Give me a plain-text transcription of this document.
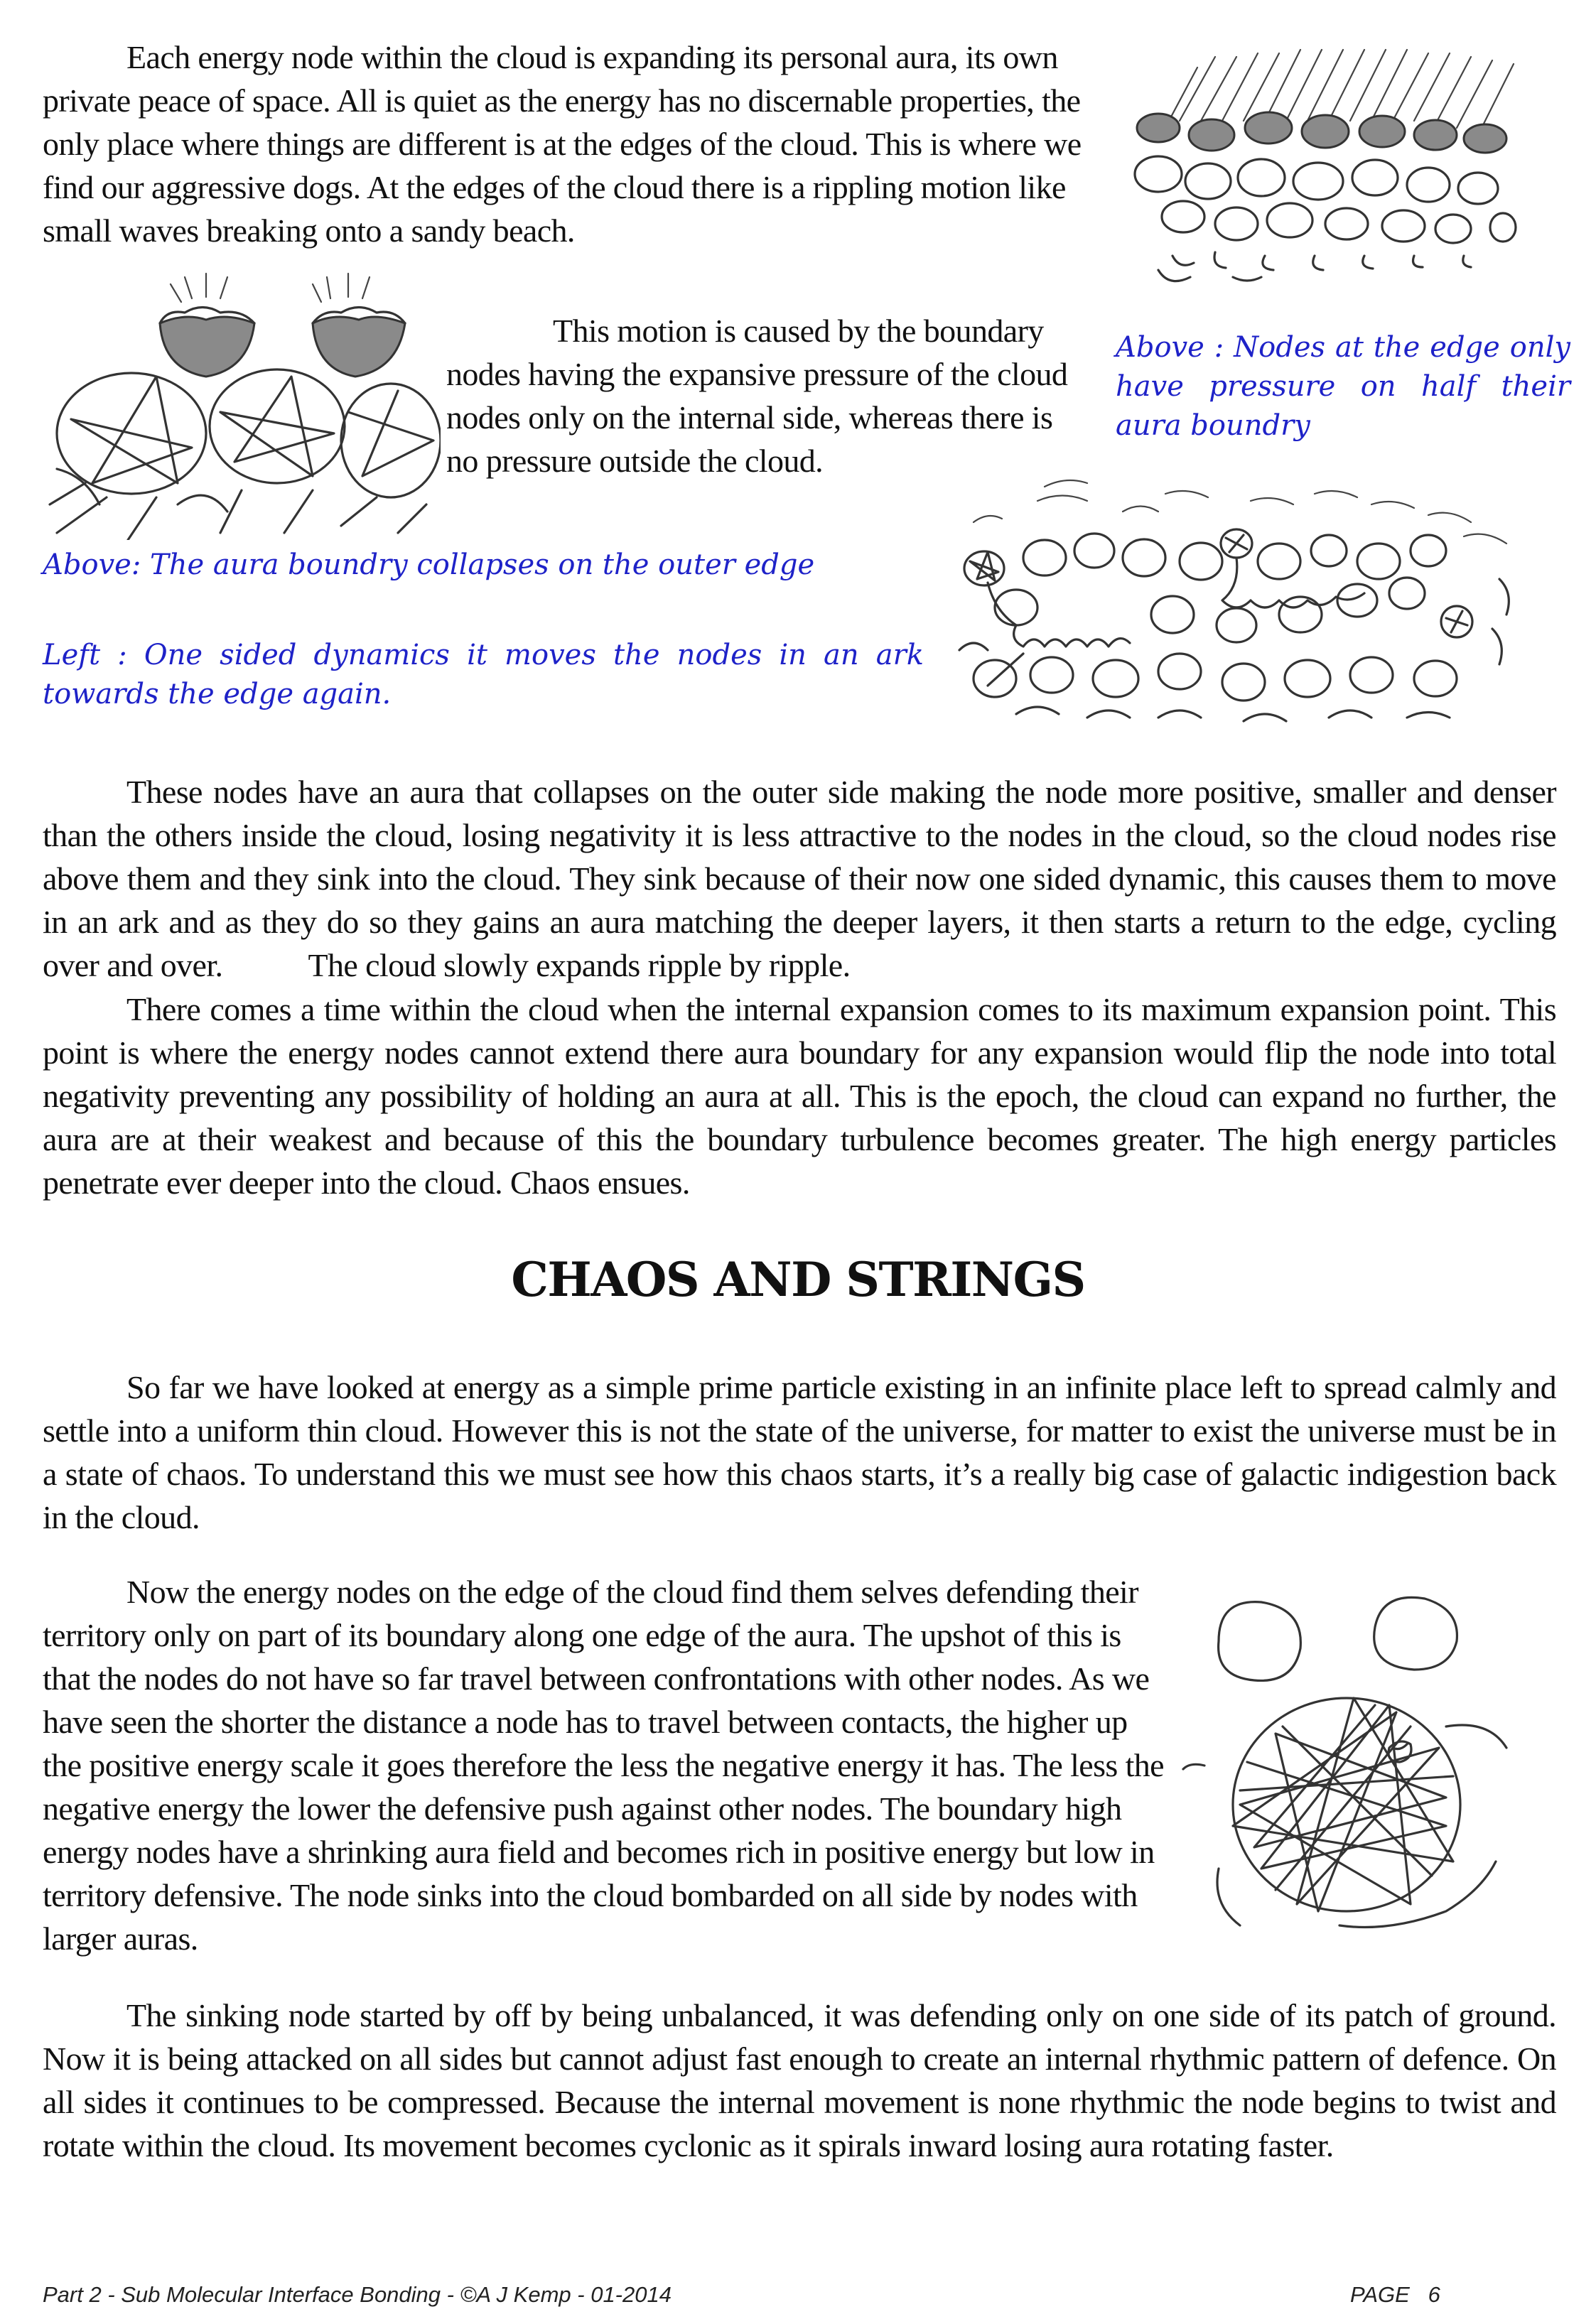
Each energy node within the cloud is expanding its personal aura, its own private peace of space. All is quiet as the energy has no discernable properties, the only place where things are different is at the edges of the cloud. This is where we find our aggressive dogs. At the edges of the cloud there is a rippling motion like small waves breaking onto a sandy beach.
Above : Nodes at the edge only have pressure on half their aura boundry
This motion is caused by the boundary nodes having the expansive pressure of the cloud nodes only on the internal side, whereas there is no pressure outside the cloud.
Above: The aura boundry collapses on the outer edge
Left : One sided dynamics it moves the nodes in an ark towards the edge again.
These nodes have an aura that collapses on the outer side making the node more positive, smaller and denser than the others inside the cloud, losing negativity it is less attractive to the nodes in the cloud, so the cloud nodes rise above them and they sink into the cloud. They sink because of their now one sided dynamic, this causes them to move in an ark and as they do so they gains an aura matching the deeper layers, it then starts a return to the edge, cycling over and over.	The cloud slowly expands ripple by ripple.
There comes a time within the cloud when the internal expansion comes to its maximum expansion point. This point is where the energy nodes cannot extend there aura boundary for any expansion would flip the node into total negativity preventing any possibility of holding an aura at all. This is the epoch, the cloud can expand no further, the aura are at their weakest and because of this the boundary turbulence becomes greater. The high energy particles penetrate ever deeper into the cloud. Chaos ensues.
CHAOS AND STRINGS
So far we have looked at energy as a simple prime particle existing in an infinite place left to spread calmly and settle into a uniform thin cloud. However this is not the state of the universe, for matter to exist the universe must be in a state of chaos. To understand this we must see how this chaos starts, it’s a really big case of galactic indigestion back in the cloud.
Now the energy nodes on the edge of the cloud find them selves defending their territory only on part of its boundary along one edge of the aura. The upshot of this is that the nodes do not have so far travel between confrontations with other nodes. As we have seen the shorter the distance a node has to travel between contacts, the higher up the positive energy scale it goes therefore the less the negative energy it has. The less the negative energy the lower the defensive push against other nodes. The boundary high energy nodes have a shrinking aura field and becomes rich in positive energy but low in territory defensive. The node sinks into the cloud bombarded on all side by nodes with larger auras.
The sinking node started by off by being unbalanced, it was defending only on one side of its patch of ground. Now it is being attacked on all sides but cannot adjust fast enough to create an internal rhythmic pattern of defence. On all sides it continues to be compressed. Because the internal movement is none rhythmic the node begins to twist and rotate within the cloud. Its movement becomes cyclonic as it spirals inward losing aura rotating faster.
Part 2 - Sub Molecular Interface Bonding - ©A J Kemp - 01-2014	PAGE   6
